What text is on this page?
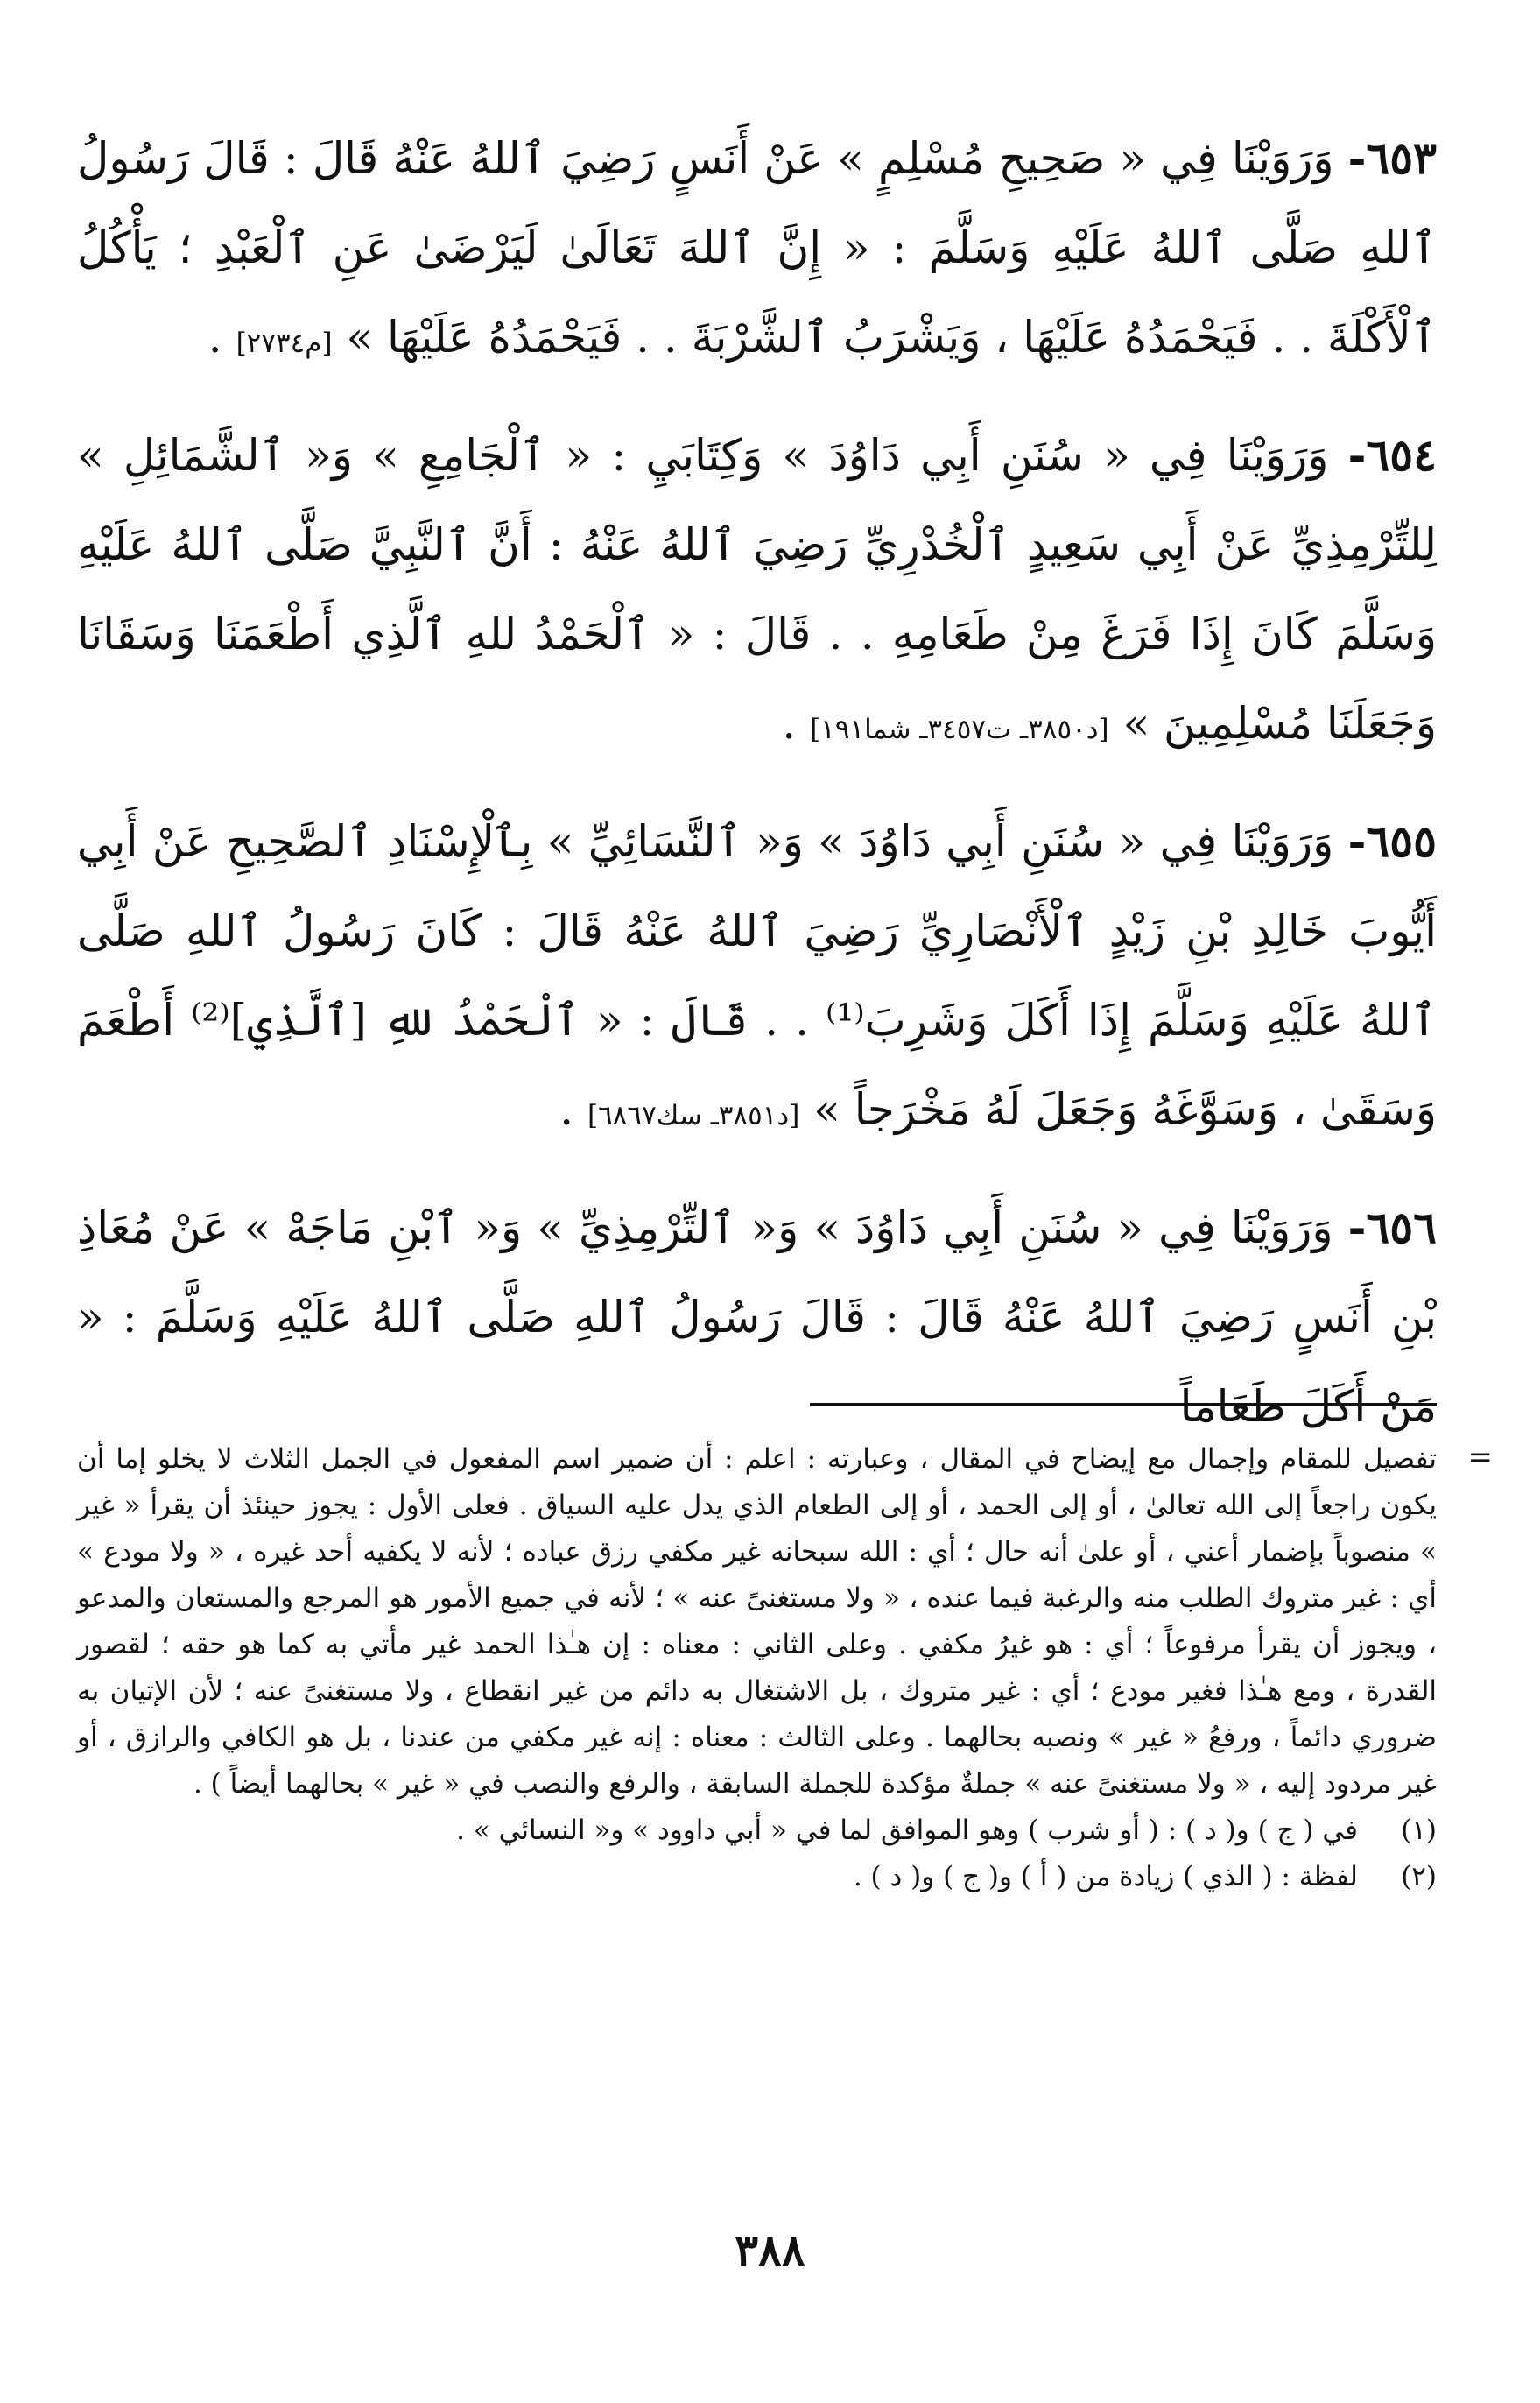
٦٥٣- وَرَوَيْنَا فِي « صَحِيحِ مُسْلِمٍ » عَنْ أَنَسٍ رَضِيَ ٱللهُ عَنْهُ قَالَ : قَالَ رَسُولُ ٱللهِ صَلَّى ٱللهُ عَلَيْهِ وَسَلَّمَ : « إِنَّ ٱللهَ تَعَالَىٰ لَيَرْضَىٰ عَنِ ٱلْعَبْدِ ؛ يَأْكُلُ ٱلْأَكْلَةَ . . فَيَحْمَدُهُ عَلَيْهَا ، وَيَشْرَبُ ٱلشَّرْبَةَ . . فَيَحْمَدُهُ عَلَيْهَا » [م٢٧٣٤] .

٦٥٤- وَرَوَيْنَا فِي « سُنَنِ أَبِي دَاوُدَ » وَكِتَابَيِ : « ٱلْجَامِعِ » وَ« ٱلشَّمَائِلِ » لِلتِّرْمِذِيِّ عَنْ أَبِي سَعِيدٍ ٱلْخُدْرِيِّ رَضِيَ ٱللهُ عَنْهُ : أَنَّ ٱلنَّبِيَّ صَلَّى ٱللهُ عَلَيْهِ وَسَلَّمَ كَانَ إِذَا فَرَغَ مِنْ طَعَامِهِ . . قَالَ : « ٱلْحَمْدُ للهِ ٱلَّذِي أَطْعَمَنَا وَسَقَانَا وَجَعَلَنَا مُسْلِمِينَ » [د٣٨٥٠ـ ت٣٤٥٧ـ شما١٩١] .

٦٥٥- وَرَوَيْنَا فِي « سُنَنِ أَبِي دَاوُدَ » وَ« ٱلنَّسَائِيِّ » بِٱلْإِسْنَادِ ٱلصَّحِيحِ عَنْ أَبِي أَيُّوبَ خَالِدِ بْنِ زَيْدٍ ٱلْأَنْصَارِيِّ رَضِيَ ٱللهُ عَنْهُ قَالَ : كَانَ رَسُولُ ٱللهِ صَلَّى ٱللهُ عَلَيْهِ وَسَلَّمَ إِذَا أَكَلَ وَشَرِبَ⁽¹⁾ . . قَالَ : « ٱلْحَمْدُ للهِ [ٱلَّذِي]⁽²⁾ أَطْعَمَ وَسَقَىٰ ، وَسَوَّغَهُ وَجَعَلَ لَهُ مَخْرَجاً » [د٣٨٥١ـ سك٦٨٦٧] .

٦٥٦- وَرَوَيْنَا فِي « سُنَنِ أَبِي دَاوُدَ » وَ« ٱلتِّرْمِذِيِّ » وَ« ٱبْنِ مَاجَهْ » عَنْ مُعَاذِ بْنِ أَنَسٍ رَضِيَ ٱللهُ عَنْهُ قَالَ : قَالَ رَسُولُ ٱللهِ صَلَّى ٱللهُ عَلَيْهِ وَسَلَّمَ : « مَنْ أَكَلَ طَعَاماً

=

تفصيل للمقام وإجمال مع إيضاح في المقال ، وعبارته : اعلم : أن ضمير اسم المفعول في الجمل الثلاث لا يخلو إما أن يكون راجعاً إلى الله تعالىٰ ، أو إلى الحمد ، أو إلى الطعام الذي يدل عليه السياق . فعلى الأول : يجوز حينئذ أن يقرأ « غير » منصوباً بإضمار أعني ، أو علىٰ أنه حال ؛ أي : الله سبحانه غير مكفي رزق عباده ؛ لأنه لا يكفيه أحد غيره ، « ولا مودع » أي : غير متروك الطلب منه والرغبة فيما عنده ، « ولا مستغنىً عنه » ؛ لأنه في جميع الأمور هو المرجع والمستعان والمدعو ، ويجوز أن يقرأ مرفوعاً ؛ أي : هو غيرُ مكفي . وعلى الثاني : معناه : إن هـٰذا الحمد غير مأتي به كما هو حقه ؛ لقصور القدرة ، ومع هـٰذا فغير مودع ؛ أي : غير متروك ، بل الاشتغال به دائم من غير انقطاع ، ولا مستغنىً عنه ؛ لأن الإتيان به ضروري دائماً ، ورفعُ « غير » ونصبه بحالهما . وعلى الثالث : معناه : إنه غير مكفي من عندنا ، بل هو الكافي والرازق ، أو غير مردود إليه ، « ولا مستغنىً عنه » جملةٌ مؤكدة للجملة السابقة ، والرفع والنصب في « غير » بحالهما أيضاً ) .

(١)
في ( ج ) و( د ) : ( أو شرب ) وهو الموافق لما في « أبي داوود » و« النسائي » .
(٢)
لفظة : ( الذي ) زيادة من ( أ ) و( ج ) و( د ) .
٣٨٨
